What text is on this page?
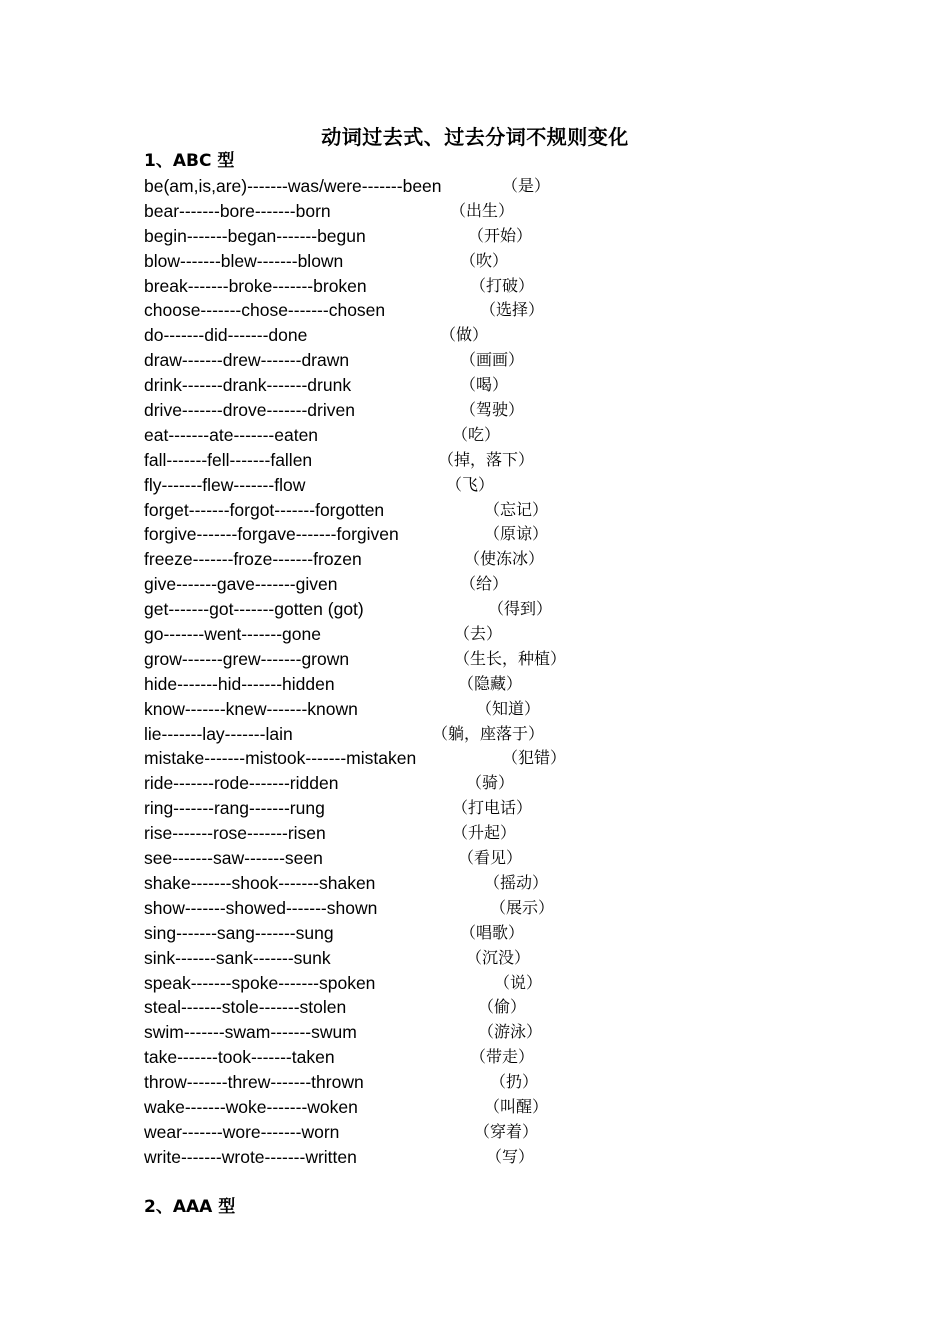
动词过去式、过去分词不规则变化
1、ABC 型
be(am,is,are)-------was/were-------been	（是）
bear-------bore-------born	（出生）
begin-------began-------begun	（开始）
blow-------blew-------blown	（吹）
break-------broke-------broken	（打破）
choose-------chose-------chosen	（选择）
do-------did-------done	（做）
draw-------drew-------drawn	（画画）
drink-------drank-------drunk	（喝）
drive-------drove-------driven	（驾驶）
eat-------ate-------eaten	（吃）
fall-------fell-------fallen	（掉，落下）
fly-------flew-------flow	（飞）
forget-------forgot-------forgotten	（忘记）
forgive-------forgave-------forgiven	（原谅）
freeze-------froze-------frozen	（使冻冰）
give-------gave-------given	（给）
get-------got-------gotten (got)	（得到）
go-------went-------gone	（去）
grow-------grew-------grown	（生长，种植）
hide-------hid-------hidden	（隐藏）
know-------knew-------known	（知道）
lie-------lay-------lain	（躺，座落于）
mistake-------mistook-------mistaken	（犯错）
ride-------rode-------ridden	（骑）
ring-------rang-------rung	（打电话）
rise-------rose-------risen	（升起）
see-------saw-------seen	（看见）
shake-------shook-------shaken	（摇动）
show-------showed-------shown	（展示）
sing-------sang-------sung	（唱歌）
sink-------sank-------sunk	（沉没）
speak-------spoke-------spoken	（说）
steal-------stole-------stolen	（偷）
swim-------swam-------swum	（游泳）
take-------took-------taken	（带走）
throw-------threw-------thrown	（扔）
wake-------woke-------woken	（叫醒）
wear-------wore-------worn	（穿着）
write-------wrote-------written	（写）
2、AAA 型
